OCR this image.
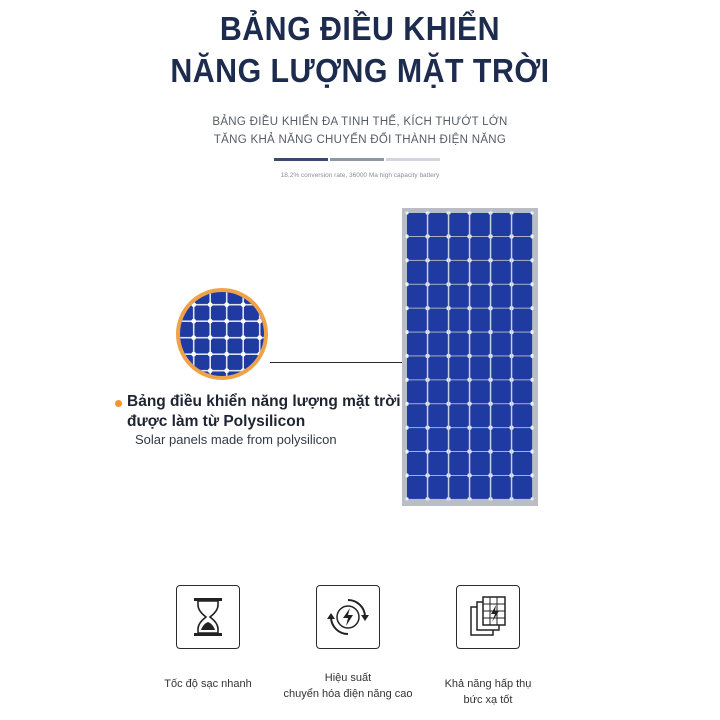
BẢNG ĐIỀU KHIỂN
NĂNG LƯỢNG MẶT TRỜI
BẢNG ĐIỀU KHIỂN ĐA TINH THỂ, KÍCH THƯỚT LỚN
TĂNG KHẢ NĂNG CHUYỂN ĐỔI THÀNH ĐIỆN NĂNG
18.2% conversion rate, 36000 Ma high capacity battery
Bảng điều khiển năng lượng mặt trời
được làm từ Polysilicon
Solar panels made from polysilicon
Tốc độ sạc nhanh	Hiệu suất
chuyển hóa điện năng cao
Khả năng hấp thụ
bức xạ tốt
